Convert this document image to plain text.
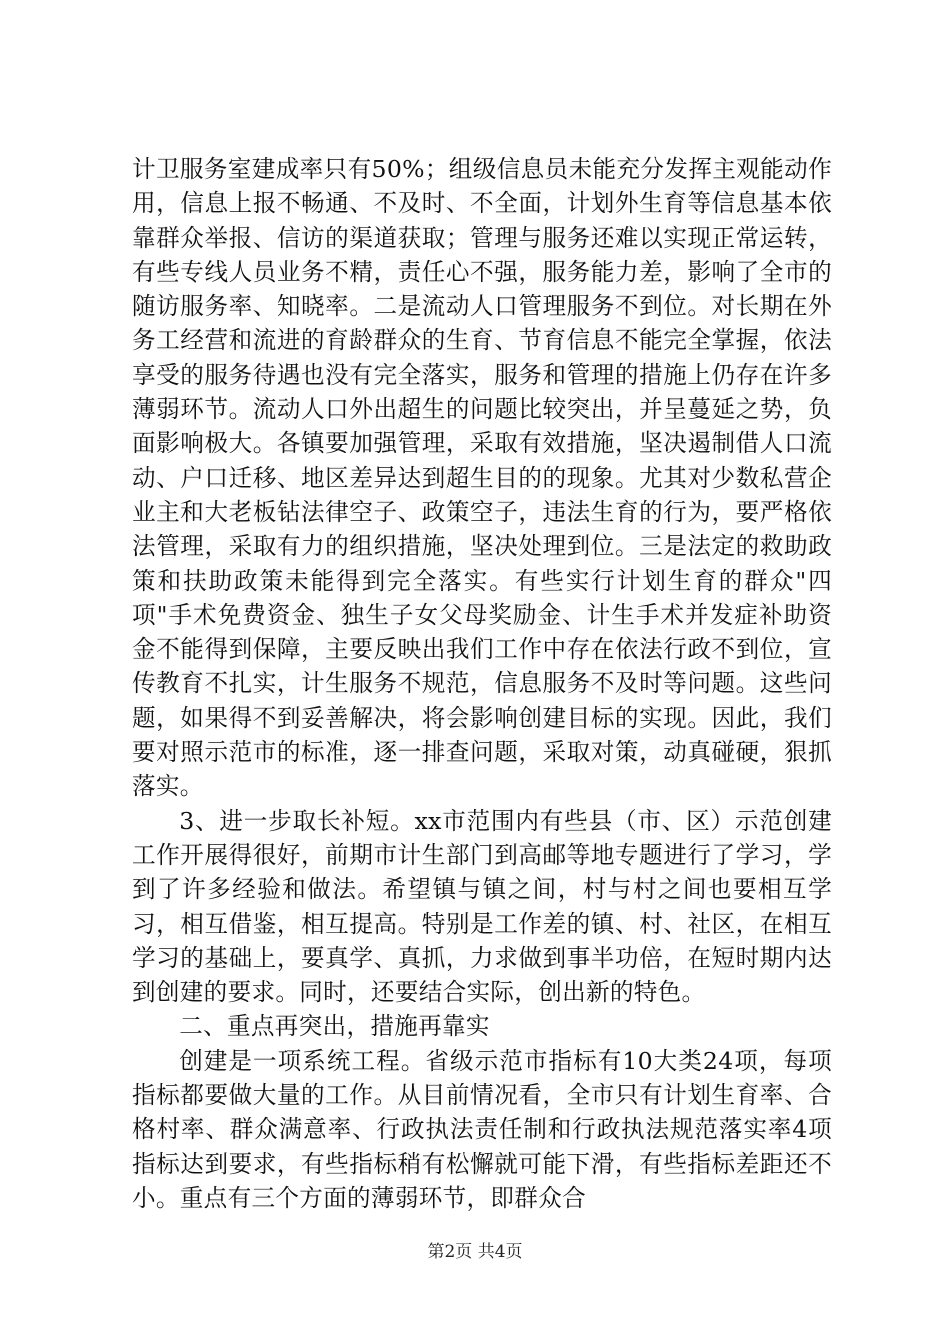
计卫服务室建成率只有50%；组级信息员未能充分发挥主观能动作用，信息上报不畅通、不及时、不全面，计划外生育等信息基本依靠群众举报、信访的渠道获取；管理与服务还难以实现正常运转，有些专线人员业务不精，责任心不强，服务能力差，影响了全市的随访服务率、知晓率。二是流动人口管理服务不到位。对长期在外务工经营和流进的育龄群众的生育、节育信息不能完全掌握，依法享受的服务待遇也没有完全落实，服务和管理的措施上仍存在许多薄弱环节。流动人口外出超生的问题比较突出，并呈蔓延之势，负面影响极大。各镇要加强管理，采取有效措施，坚决遏制借人口流动、户口迁移、地区差异达到超生目的的现象。尤其对少数私营企业主和大老板钻法律空子、政策空子，违法生育的行为，要严格依法管理，采取有力的组织措施，坚决处理到位。三是法定的救助政策和扶助政策未能得到完全落实。有些实行计划生育的群众"四项"手术免费资金、独生子女父母奖励金、计生手术并发症补助资金不能得到保障，主要反映出我们工作中存在依法行政不到位，宣传教育不扎实，计生服务不规范，信息服务不及时等问题。这些问题，如果得不到妥善解决，将会影响创建目标的实现。因此，我们要对照示范市的标准，逐一排查问题，采取对策，动真碰硬，狠抓落实。

3、进一步取长补短。xx市范围内有些县（市、区）示范创建工作开展得很好，前期市计生部门到高邮等地专题进行了学习，学到了许多经验和做法。希望镇与镇之间，村与村之间也要相互学习，相互借鉴，相互提高。特别是工作差的镇、村、社区，在相互学习的基础上，要真学、真抓，力求做到事半功倍，在短时期内达到创建的要求。同时，还要结合实际，创出新的特色。

二、重点再突出，措施再靠实

创建是一项系统工程。省级示范市指标有10大类24项，每项指标都要做大量的工作。从目前情况看，全市只有计划生育率、合格村率、群众满意率、行政执法责任制和行政执法规范落实率4项指标达到要求，有些指标稍有松懈就可能下滑，有些指标差距还不小。重点有三个方面的薄弱环节，即群众合

第2页 共4页
